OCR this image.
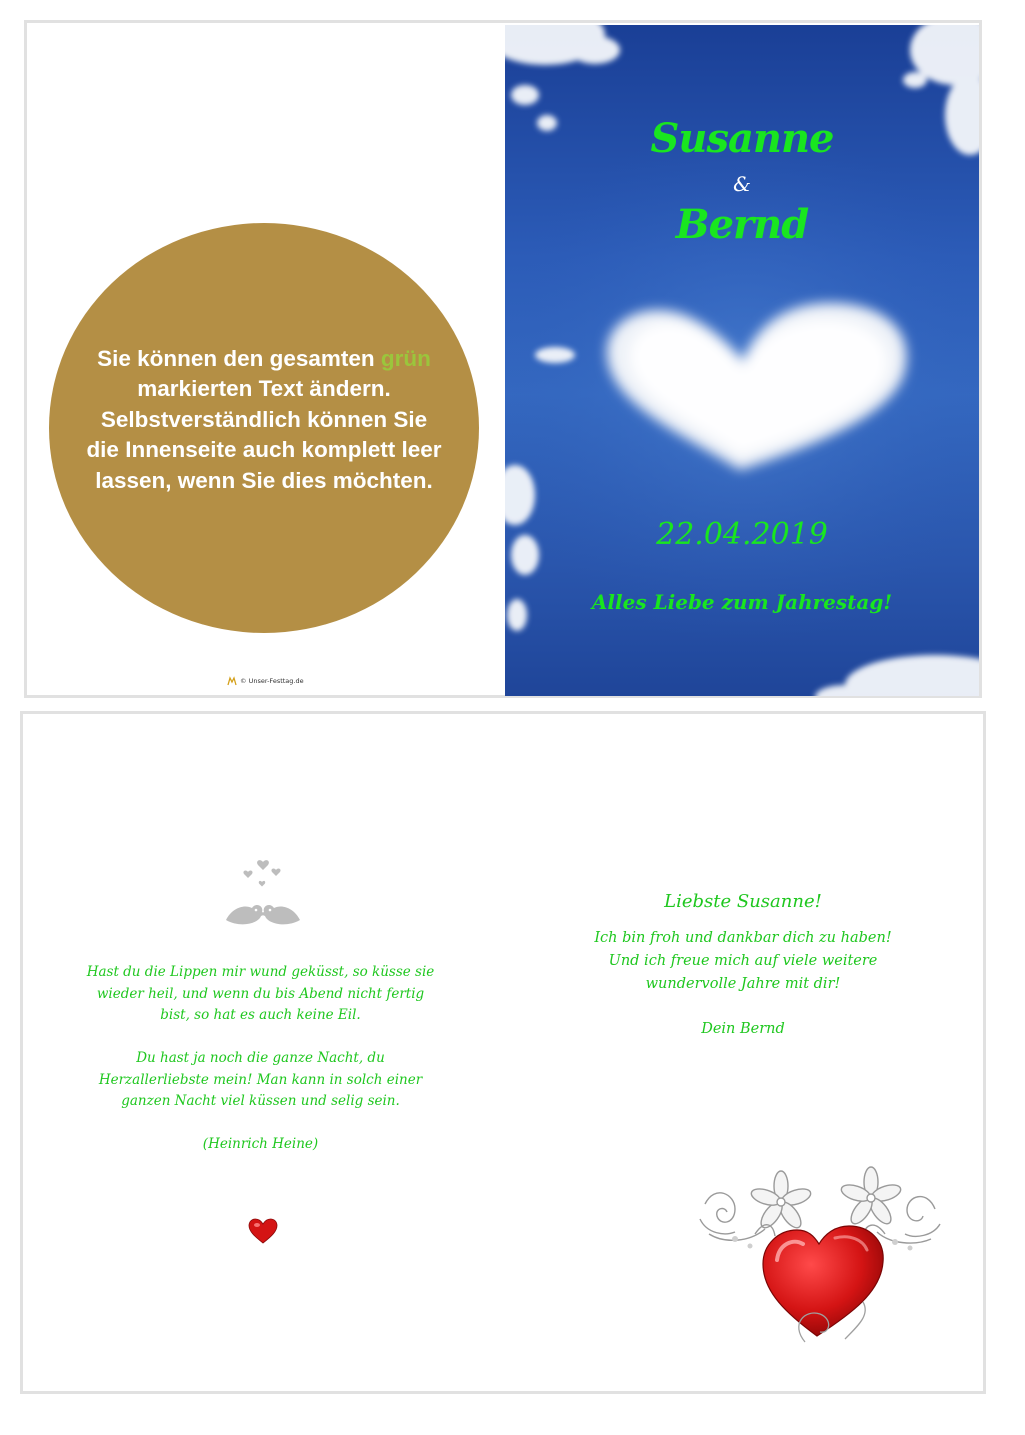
Sie können den gesamten grün markierten Text ändern. Selbstverständlich können Sie die Innenseite auch komplett leer lassen, wenn Sie dies möchten.
© Unser-Festtag.de
Susanne
&
Bernd
22.04.2019
Alles Liebe zum Jahrestag!

Hast du die Lippen mir wund geküsst, so küsse sie wieder heil, und wenn du bis Abend nicht fertig bist, so hat es auch keine Eil.

Du hast ja noch die ganze Nacht, du Herzallerliebste mein! Man kann in solch einer ganzen Nacht viel küssen und selig sein.

(Heinrich Heine)

Liebste Susanne!
Ich bin froh und dankbar dich zu haben! Und ich freue mich auf viele weitere wundervolle Jahre mit dir!
Dein Bernd
